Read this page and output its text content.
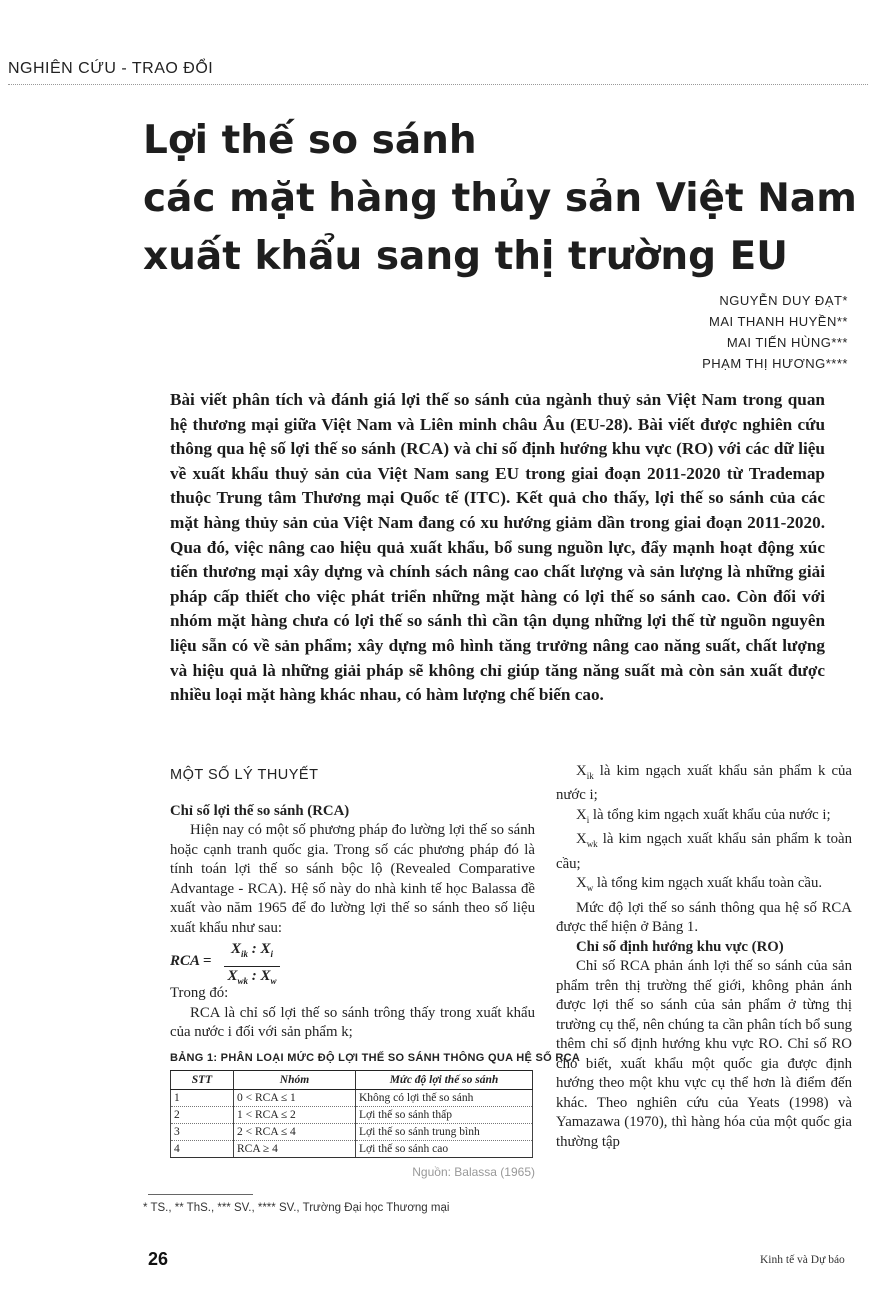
NGHIÊN CỨU - TRAO ĐỔI
Lợi thế so sánh
các mặt hàng thủy sản Việt Nam
xuất khẩu sang thị trường EU
NGUYỄN DUY ĐẠT*
MAI THANH HUYỀN**
MAI TIẾN HÙNG***
PHẠM THỊ HƯƠNG****
Bài viết phân tích và đánh giá lợi thế so sánh của ngành thuỷ sản Việt Nam trong quan hệ thương mại giữa Việt Nam và Liên minh châu Âu (EU-28). Bài viết được nghiên cứu thông qua hệ số lợi thế so sánh (RCA) và chỉ số định hướng khu vực (RO) với các dữ liệu về xuất khẩu thuỷ sản của Việt Nam sang EU trong giai đoạn 2011-2020 từ Trademap thuộc Trung tâm Thương mại Quốc tế (ITC). Kết quả cho thấy, lợi thế so sánh của các mặt hàng thủy sản của Việt Nam đang có xu hướng giảm dần trong giai đoạn 2011-2020. Qua đó, việc nâng cao hiệu quả xuất khẩu, bổ sung nguồn lực, đẩy mạnh hoạt động xúc tiến thương mại xây dựng và chính sách nâng cao chất lượng và sản lượng là những giải pháp cấp thiết cho việc phát triển những mặt hàng có lợi thế so sánh cao. Còn đối với nhóm mặt hàng chưa có lợi thế so sánh thì cần tận dụng những lợi thế từ nguồn nguyên liệu sẵn có về sản phẩm; xây dựng mô hình tăng trưởng nâng cao năng suất, chất lượng và hiệu quả là những giải pháp sẽ không chỉ giúp tăng năng suất mà còn sản xuất được nhiều loại mặt hàng khác nhau, có hàm lượng chế biến cao.
MỘT SỐ LÝ THUYẾT
Chỉ số lợi thế so sánh (RCA)

Hiện nay có một số phương pháp đo lường lợi thế so sánh hoặc cạnh tranh quốc gia. Trong số các phương pháp đó là tính toán lợi thế so sánh bộc lộ (Revealed Comparative Advantage - RCA). Hệ số này do nhà kinh tế học Balassa đề xuất vào năm 1965 để đo lường lợi thế so sánh theo số liệu xuất khẩu như sau:

RCA =
$X_{ik}$ : $X_i$
$X_{wk}$ : $X_w$

Trong đó:

RCA là chỉ số lợi thế so sánh trông thấy trong xuất khẩu của nước i đối với sản phẩm k;

$X_{ik}$ là kim ngạch xuất khẩu sản phẩm k của nước i;

$X_i$ là tổng kim ngạch xuất khẩu của nước i;

$X_{wk}$ là kim ngạch xuất khẩu sản phẩm k toàn cầu;

$X_w$ là tổng kim ngạch xuất khẩu toàn cầu.

Mức độ lợi thế so sánh thông qua hệ số RCA được thể hiện ở Bảng 1.

Chỉ số định hướng khu vực (RO)

Chỉ số RCA phản ánh lợi thế so sánh của sản phẩm trên thị trường thế giới, không phản ánh được lợi thế so sánh của sản phẩm ở từng thị trường cụ thể, nên chúng ta cần phân tích bổ sung thêm chỉ số định hướng khu vực RO. Chỉ số RO cho biết, xuất khẩu một quốc gia được định hướng theo một khu vực cụ thể hơn là điểm đến khác. Theo nghiên cứu của Yeats (1998) và Yamazawa (1970), thì hàng hóa của một quốc gia thường tập

BẢNG 1: PHÂN LOẠI MỨC ĐỘ LỢI THẾ SO SÁNH THÔNG QUA HỆ SỐ RCA
STT	Nhóm	Mức độ lợi thế so sánh
1	0 < RCA ≤ 1	Không có lợi thế so sánh
2	1 < RCA ≤ 2	Lợi thế so sánh thấp
3	2 < RCA ≤ 4	Lợi thế so sánh trung bình
4	RCA ≥ 4	Lợi thế so sánh cao
Nguồn: Balassa (1965)
* TS., ** ThS., *** SV., **** SV., Trường Đại học Thương mại
26	Kinh tế và Dự báo
